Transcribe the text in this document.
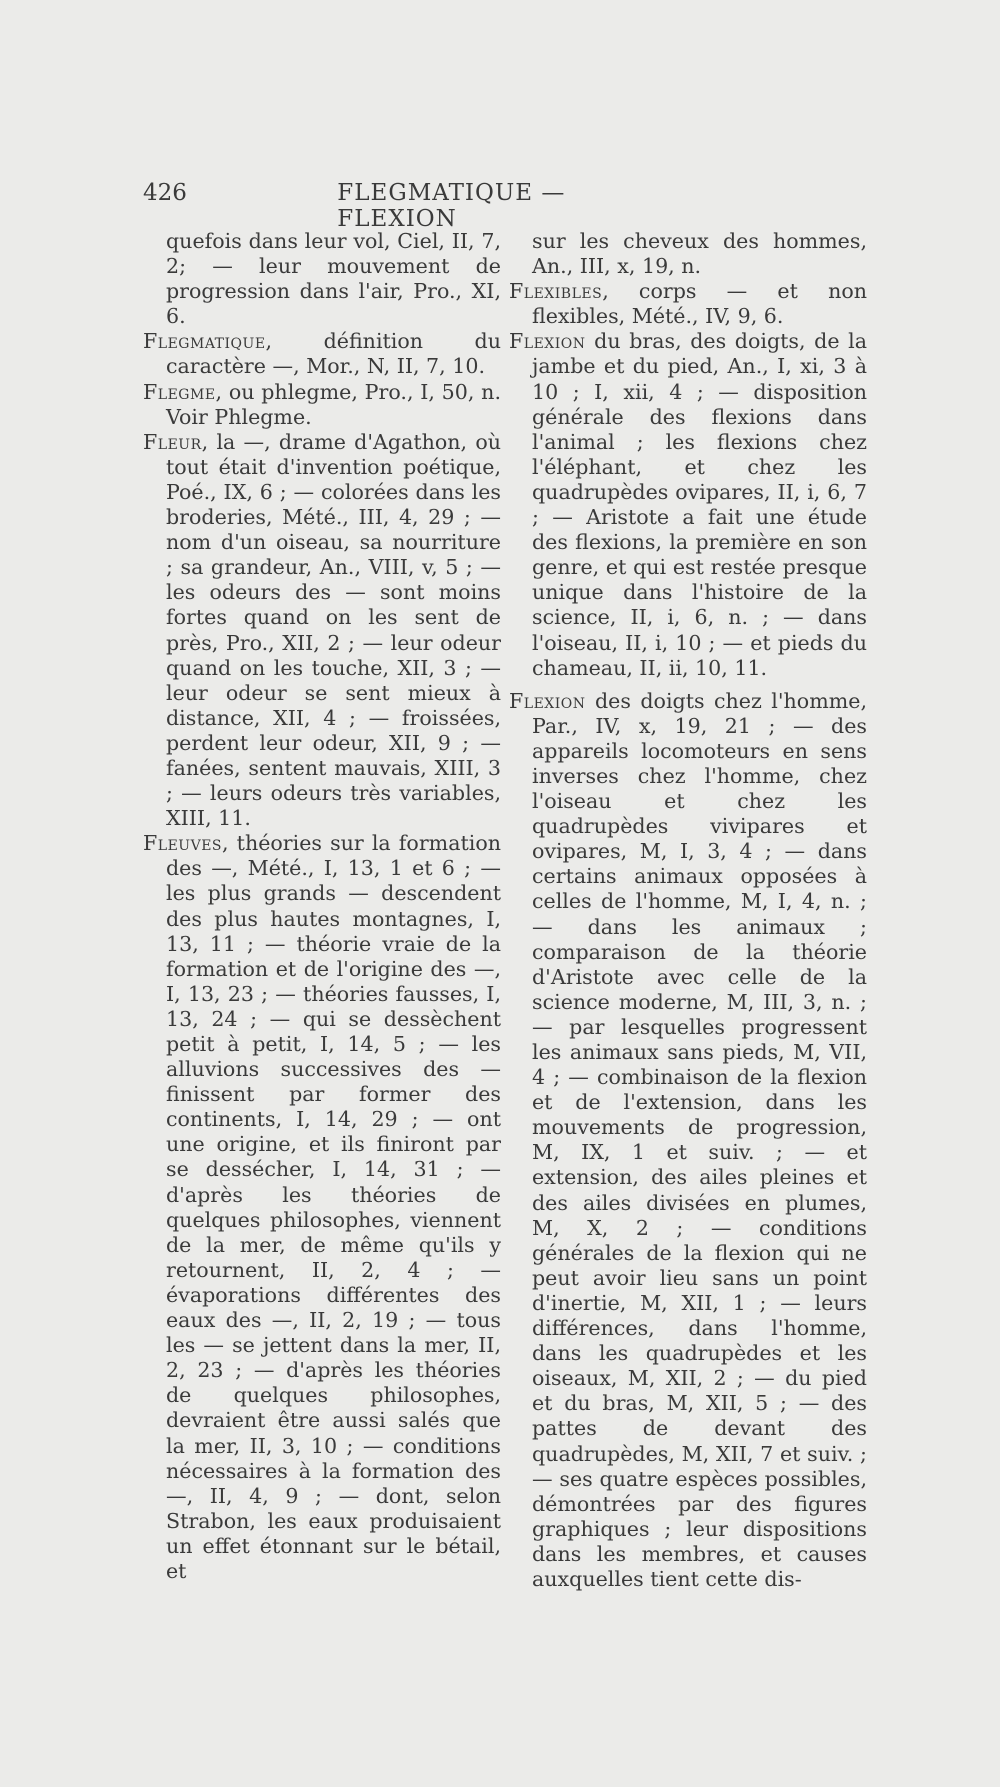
426	FLEGMATIQUE — FLEXION

quefois dans leur vol, Ciel, II, 7, 2; — leur mouvement de progression dans l'air, Pro., XI, 6.

Flegmatique, définition du caractère —, Mor., N, II, 7, 10.

Flegme, ou phlegme, Pro., I, 50, n. Voir Phlegme.

Fleur, la —, drame d'Agathon, où tout était d'invention poétique, Poé., IX, 6 ; — colorées dans les broderies, Mété., III, 4, 29 ; — nom d'un oiseau, sa nourriture ; sa grandeur, An., VIII, v, 5 ; — les odeurs des — sont moins fortes quand on les sent de près, Pro., XII, 2 ; — leur odeur quand on les touche, XII, 3 ; — leur odeur se sent mieux à distance, XII, 4 ; — froissées, perdent leur odeur, XII, 9 ; — fanées, sentent mauvais, XIII, 3 ; — leurs odeurs très variables, XIII, 11.

Fleuves, théories sur la formation des —, Mété., I, 13, 1 et 6 ; — les plus grands — descendent des plus hautes montagnes, I, 13, 11 ; — théorie vraie de la formation et de l'origine des —, I, 13, 23 ; — théories fausses, I, 13, 24 ; — qui se dessèchent petit à petit, I, 14, 5 ; — les alluvions successives des — finissent par former des continents, I, 14, 29 ; — ont une origine, et ils finiront par se dessécher, I, 14, 31 ; — d'après les théories de quelques philosophes, viennent de la mer, de même qu'ils y retournent, II, 2, 4 ; — évaporations différentes des eaux des —, II, 2, 19 ; — tous les — se jettent dans la mer, II, 2, 23 ; — d'après les théories de quelques philosophes, devraient être aussi salés que la mer, II, 3, 10 ; — conditions nécessaires à la formation des —, II, 4, 9 ; — dont, selon Strabon, les eaux produisaient un effet étonnant sur le bétail, et

sur les cheveux des hommes, An., III, x, 19, n.

Flexibles, corps — et non flexibles, Mété., IV, 9, 6.

Flexion du bras, des doigts, de la jambe et du pied, An., I, xi, 3 à 10 ; I, xii, 4 ; — disposition générale des flexions dans l'animal ; les flexions chez l'éléphant, et chez les quadrupèdes ovipares, II, i, 6, 7 ; — Aristote a fait une étude des flexions, la première en son genre, et qui est restée presque unique dans l'histoire de la science, II, i, 6, n. ; — dans l'oiseau, II, i, 10 ; — et pieds du chameau, II, ii, 10, 11.

Flexion des doigts chez l'homme, Par., IV, x, 19, 21 ; — des appareils locomoteurs en sens inverses chez l'homme, chez l'oiseau et chez les quadrupèdes vivipares et ovipares, M, I, 3, 4 ; — dans certains animaux opposées à celles de l'homme, M, I, 4, n. ; — dans les animaux ; comparaison de la théorie d'Aristote avec celle de la science moderne, M, III, 3, n. ; — par lesquelles progressent les animaux sans pieds, M, VII, 4 ; — combinaison de la flexion et de l'extension, dans les mouvements de progression, M, IX, 1 et suiv. ; — et extension, des ailes pleines et des ailes divisées en plumes, M, X, 2 ; — conditions générales de la flexion qui ne peut avoir lieu sans un point d'inertie, M, XII, 1 ; — leurs différences, dans l'homme, dans les quadrupèdes et les oiseaux, M, XII, 2 ; — du pied et du bras, M, XII, 5 ; — des pattes de devant des quadrupèdes, M, XII, 7 et suiv. ; — ses quatre espèces possibles, démontrées par des figures graphiques ; leur dispositions dans les membres, et causes auxquelles tient cette dis-
